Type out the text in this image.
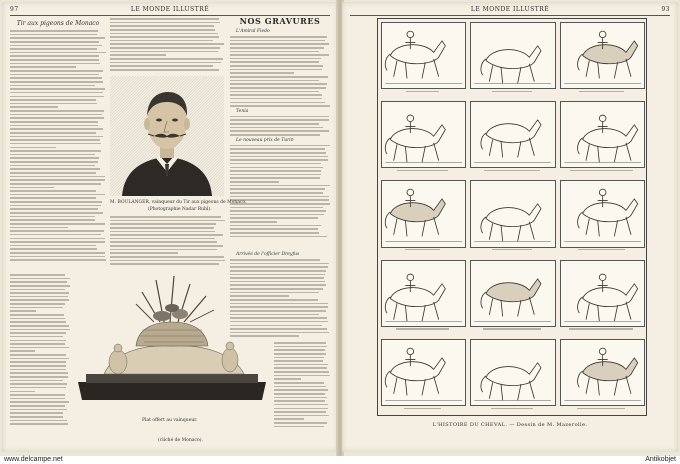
97	LE MONDE ILLUSTRÉ
Tir aux pigeons de Monaco	NOS GRAVURES
L'Amiral Fiedo
Tenia
Le nouveau prix de Turin
M. BOULANGER, vainqueur du Tir aux pigeons de Monaco.
(Photographie Nadar Ruhl).
Arrivée de l'officier Dreyfus
Plat offert au vainqueur.
(cliché de Monaco).
LE MONDE ILLUSTRÉ	93
L'HISTOIRE DU CHEVAL. — Dessin de M. Mazerolle.
www.delcampe.net	Antikobjet
